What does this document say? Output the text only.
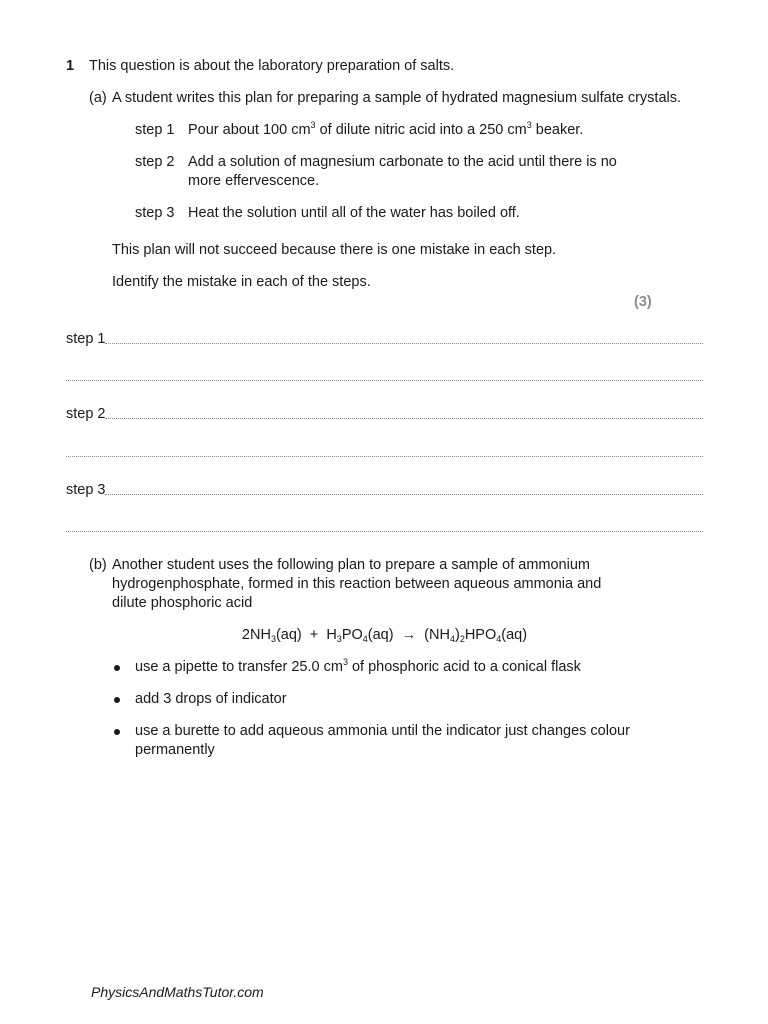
1 This question is about the laboratory preparation of salts.
(a) A student writes this plan for preparing a sample of hydrated magnesium sulfate crystals.
step 1 Pour about 100 $cm^3$ of dilute nitric acid into a 250 $cm^3$ beaker.
step 2 Add a solution of magnesium carbonate to the acid until there is no
more effervescence.
step 3 Heat the solution until all of the water has boiled off.
This plan will not succeed because there is one mistake in each step.
Identify the mistake in each of the steps.
(3)
step 1
step 2
step 3
(b) Another student uses the following plan to prepare a sample of ammonium
hydrogenphosphate, formed in this reaction between aqueous ammonia and
dilute phosphoric acid
$2NH_3(aq) + H_3PO_4(aq) \to (NH_4)_2HPO_4(aq)$
use a pipette to transfer 25.0 $cm^3$ of phosphoric acid to a conical flask
add 3 drops of indicator
use a burette to add aqueous ammonia until the indicator just changes colour
permanently
PhysicsAndMathsTutor.com
